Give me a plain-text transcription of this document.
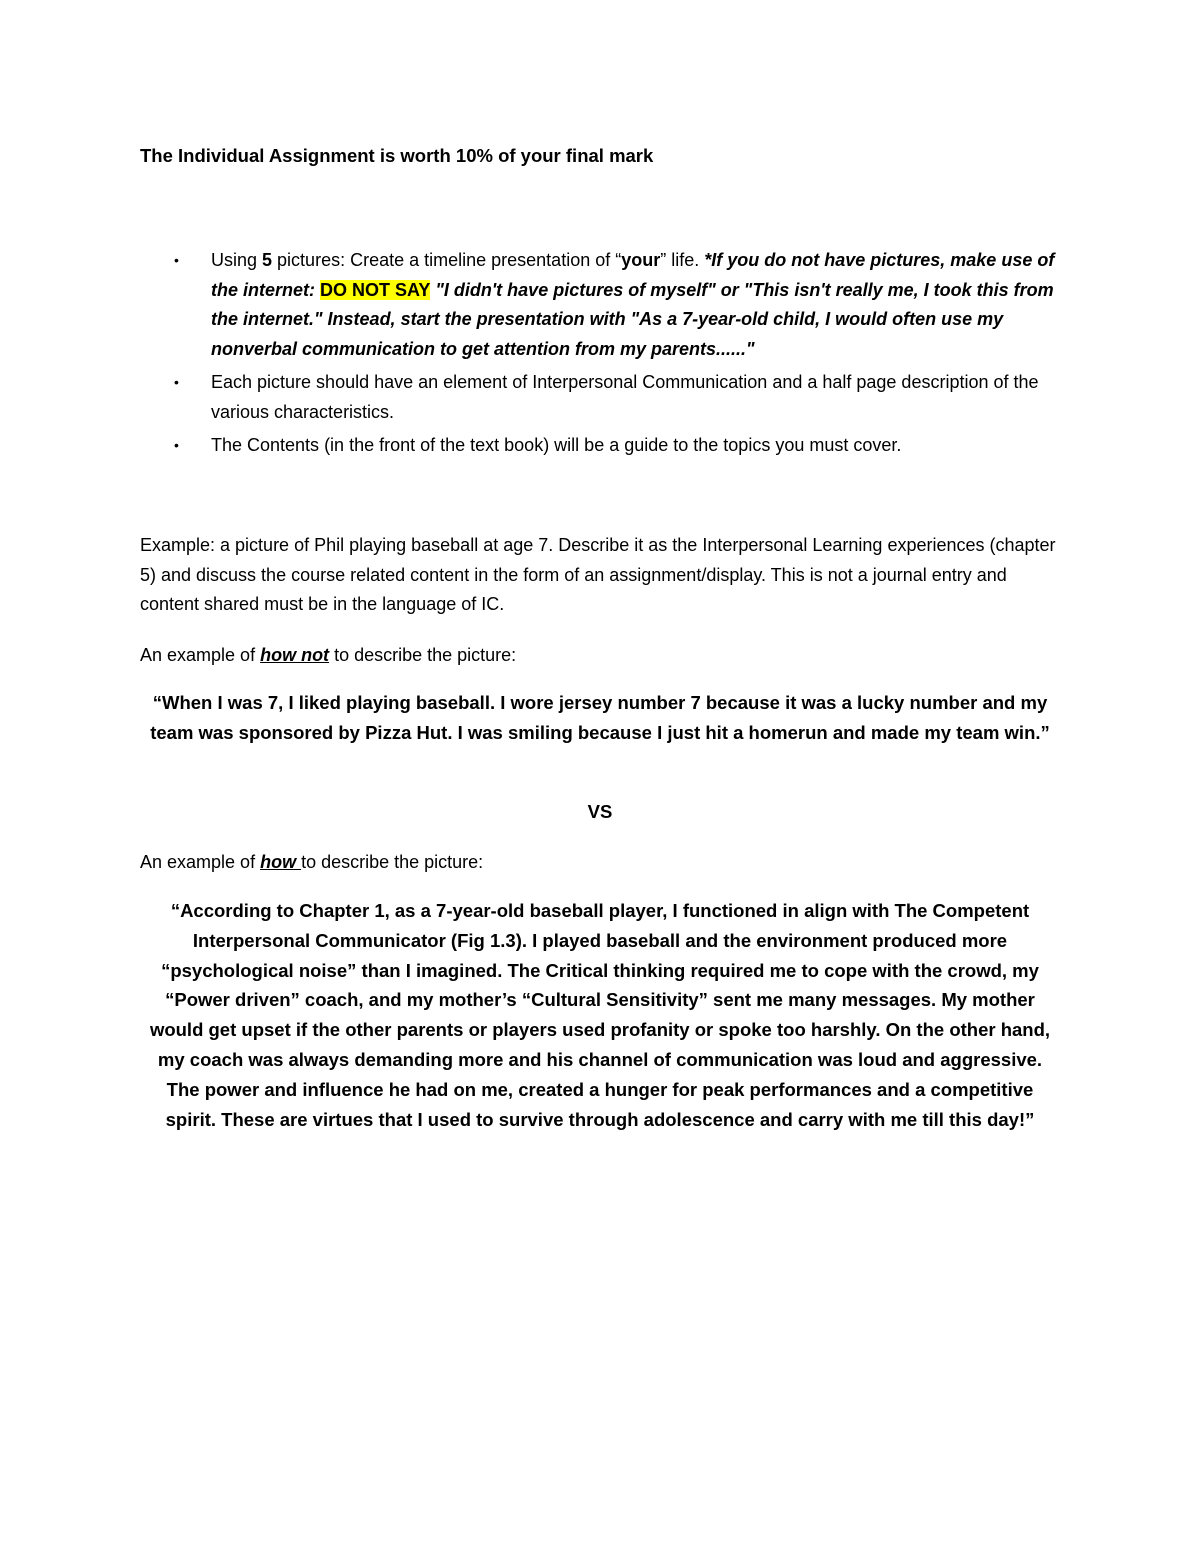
The Individual Assignment is worth 10% of your final mark
• Using 5 pictures: Create a timeline presentation of “your” life. *If you do not have pictures, make use of the internet: DO NOT SAY "I didn't have pictures of myself" or "This isn't really me, I took this from the internet." Instead, start the presentation with "As a 7-year-old child, I would often use my nonverbal communication to get attention from my parents......"
• Each picture should have an element of Interpersonal Communication and a half page description of the various characteristics.
• The Contents (in the front of the text book) will be a guide to the topics you must cover.

Example: a picture of Phil playing baseball at age 7. Describe it as the Interpersonal Learning experiences (chapter 5) and discuss the course related content in the form of an assignment/display. This is not a journal entry and content shared must be in the language of IC.

An example of how not to describe the picture:

“When I was 7, I liked playing baseball. I wore jersey number 7 because it was a lucky number and my team was sponsored by Pizza Hut. I was smiling because I just hit a homerun and made my team win.”

VS

An example of how to describe the picture:

“According to Chapter 1, as a 7-year-old baseball player, I functioned in align with The Competent Interpersonal Communicator (Fig 1.3). I played baseball and the environment produced more “psychological noise” than I imagined. The Critical thinking required me to cope with the crowd, my “Power driven” coach, and my mother’s “Cultural Sensitivity” sent me many messages. My mother would get upset if the other parents or players used profanity or spoke too harshly. On the other hand, my coach was always demanding more and his channel of communication was loud and aggressive. The power and influence he had on me, created a hunger for peak performances and a competitive spirit. These are virtues that I used to survive through adolescence and carry with me till this day!”
